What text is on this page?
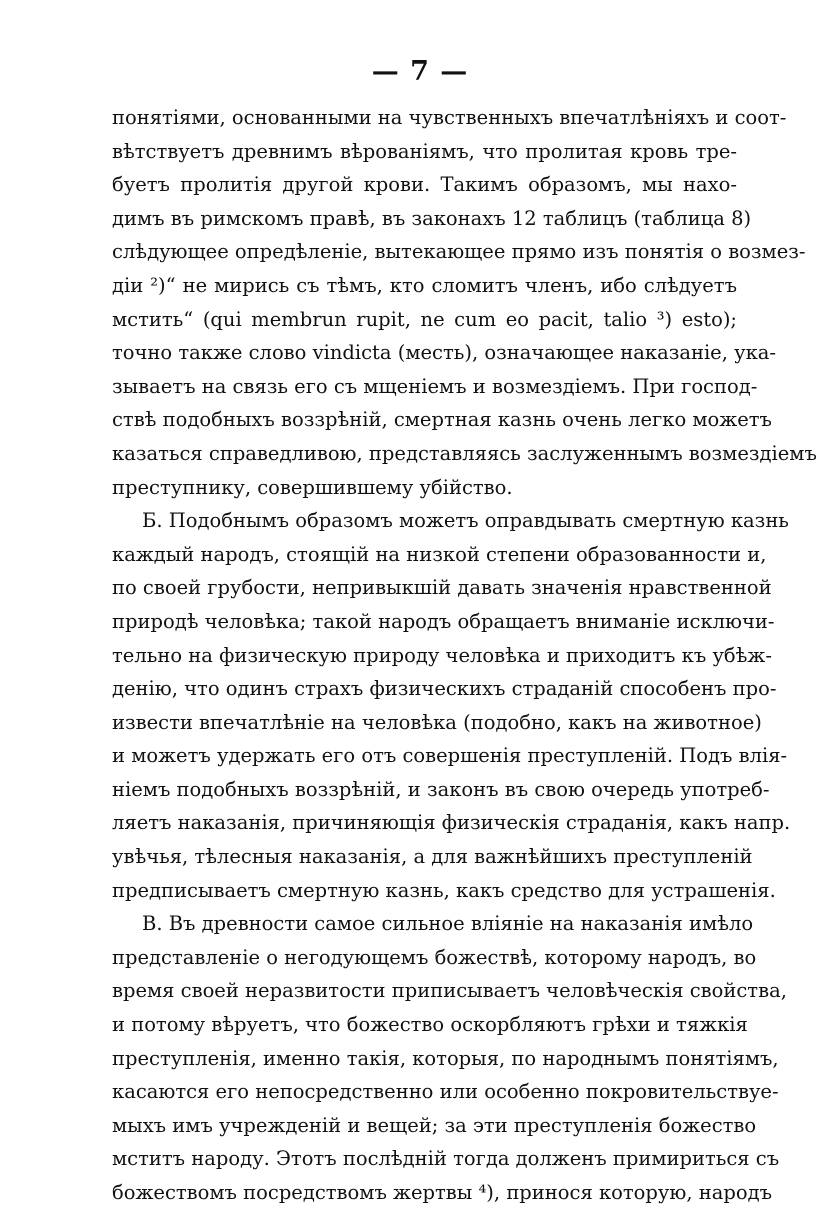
— 7 —
понятіями, основанными на чувственныхъ впечатлѣніяхъ и соот-
вѣтствуетъ древнимъ вѣрованіямъ, что пролитая кровь тре-
буетъ пролитія другой крови. Такимъ образомъ, мы нахо-
димъ въ римскомъ правѣ, въ законахъ 12 таблицъ (таблица 8)
слѣдующее опредѣленіе, вытекающее прямо изъ понятія о возмез-
діи ²)“ не мирись съ тѣмъ, кто сломитъ членъ, ибо слѣдуетъ
мстить“ (qui membrun rupit, ne cum eo pacit, talio ³) esto);
точно также слово vindicta (месть), означающее наказаніе, ука-
зываетъ на связь его съ мщеніемъ и возмездіемъ. При господ-
ствѣ подобныхъ воззрѣній, смертная казнь очень легко можетъ
казаться справедливою, представляясь заслуженнымъ возмездіемъ
преступнику, совершившему убійство.
Б. Подобнымъ образомъ можетъ оправдывать смертную казнь
каждый народъ, стоящій на низкой степени образованности и,
по своей грубости, непривыкшій давать значенія нравственной
природѣ человѣка; такой народъ обращаетъ вниманіе исключи-
тельно на физическую природу человѣка и приходитъ къ убѣж-
денію, что одинъ страхъ физическихъ страданій способенъ про-
извести впечатлѣніе на человѣка (подобно, какъ на животное)
и можетъ удержать его отъ совершенія преступленій. Подъ влія-
ніемъ подобныхъ воззрѣній, и законъ въ свою очередь употреб-
ляетъ наказанія, причиняющія физическія страданія, какъ напр.
увѣчья, тѣлесныя наказанія, а для важнѣйшихъ преступленій
предписываетъ смертную казнь, какъ средство для устрашенія.
В. Въ древности самое сильное вліяніе на наказанія имѣло
представленіе о негодующемъ божествѣ, которому народъ, во
время своей неразвитости приписываетъ человѣческія свойства,
и потому вѣруетъ, что божество оскорбляютъ грѣхи и тяжкія
преступленія, именно такія, которыя, по народнымъ понятіямъ,
касаются его непосредственно или особенно покровительствуе-
мыхъ имъ учрежденій и вещей; за эти преступленія божество
мститъ народу. Этотъ послѣдній тогда долженъ примириться съ
божествомъ посредствомъ жертвы ⁴), принося которую, народъ
